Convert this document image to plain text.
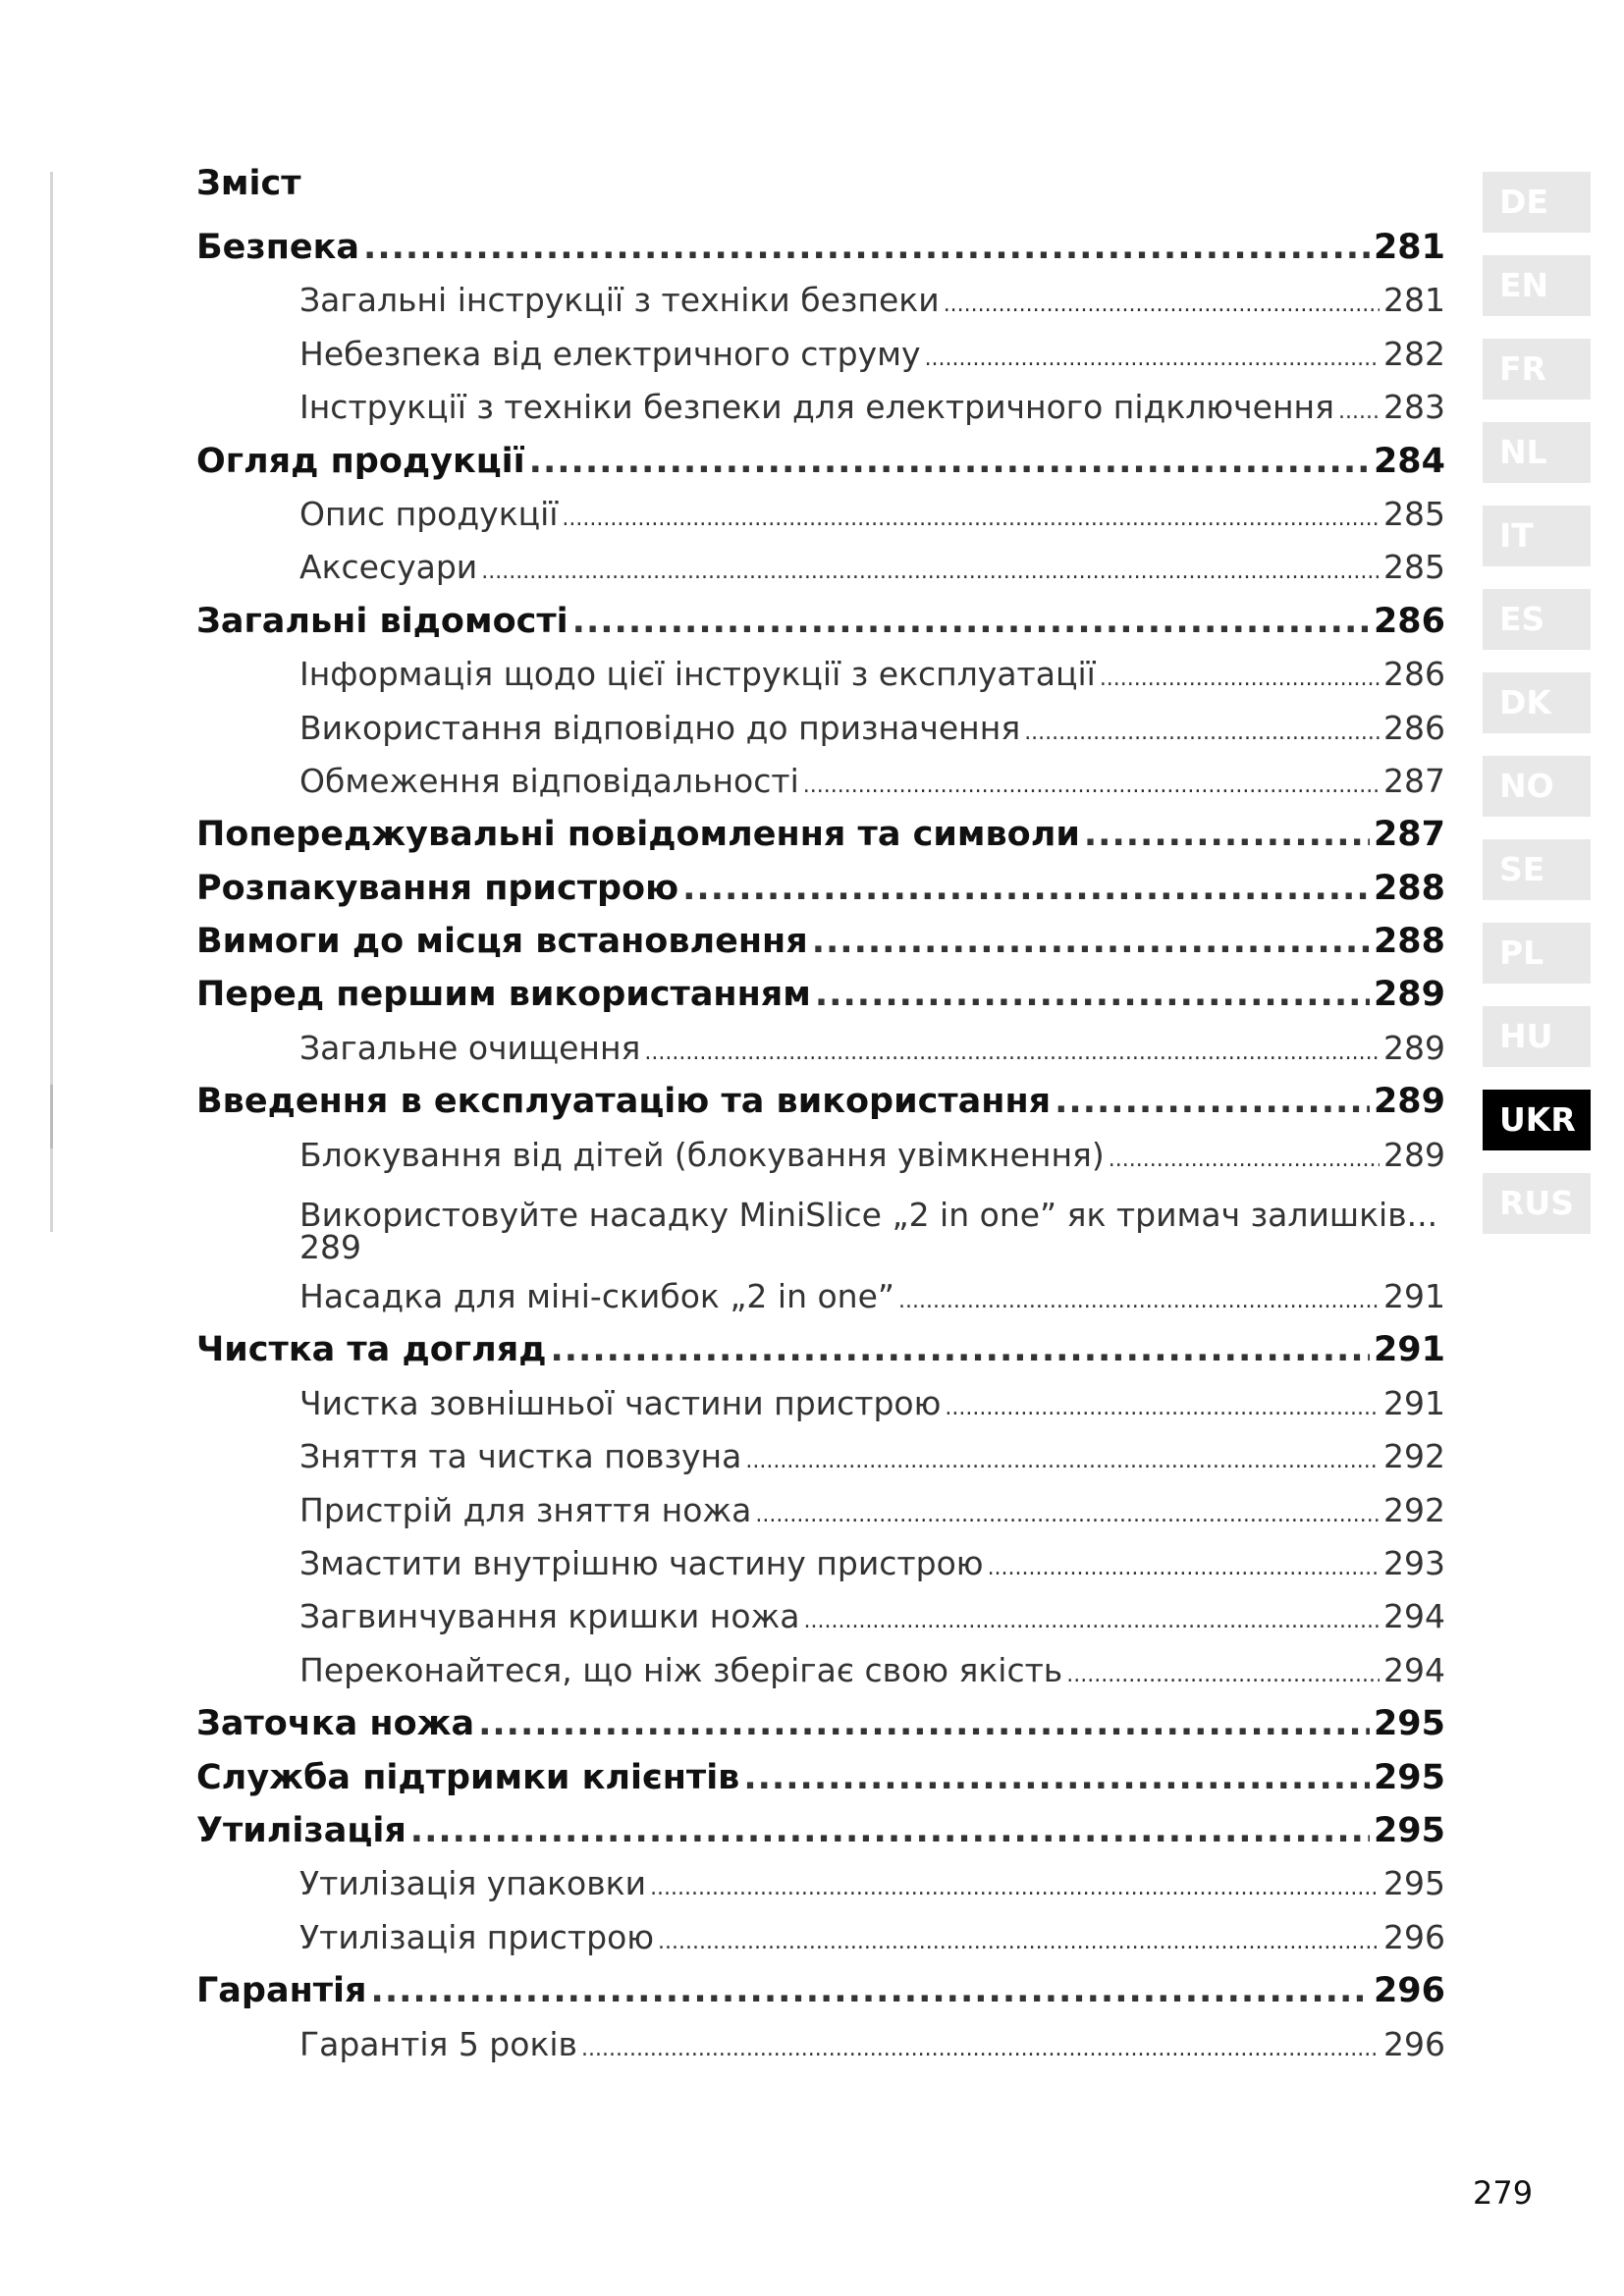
Зміст
Безпека .....	281
Загальні інструкції з техніки безпеки .....	281
Небезпека від електричного струму .....	282
Інструкції з техніки безпеки для електричного підключення ..... 283
Огляд продукції .....	284
Опис продукції .....	285
Аксесуари .....	285
Загальні відомості .....	286
Інформація щодо цієї інструкції з експлуатації .....	286
Використання відповідно до призначення .....	286
Обмеження відповідальності .....	287
Попереджувальні повідомлення та символи .....	287
Розпакування пристрою .....	288
Вимоги до місця встановлення .....	288
Перед першим використанням .....	289
Загальне очищення .....	289
Введення в експлуатацію та використання .....	289
Блокування від дітей (блокування увімкнення) .....	289
Використовуйте насадку MiniSlice „2 in one” як тримач залишків...
289
Насадка для міні-скибок „2 in one” .....	291
Чистка та догляд .....	291
Чистка зовнішньої частини пристрою .....	291
Зняття та чистка повзуна .....	292
Пристрій для зняття ножа .....	292
Змастити внутрішню частину пристрою .....	293
Загвинчування кришки ножа .....	294
Переконайтеся, що ніж зберігає свою якість .....	294
Заточка ножа .....	295
Служба підтримки клієнтів .....	295
Утилізація .....	295
Утилізація упаковки .....	295
Утилізація пристрою .....	296
Гарантія .....	296
Гарантія 5 років .....	296
DE
EN
FR
NL
IT
ES
DK
NO
SE
PL
HU
UKR
RUS
279
